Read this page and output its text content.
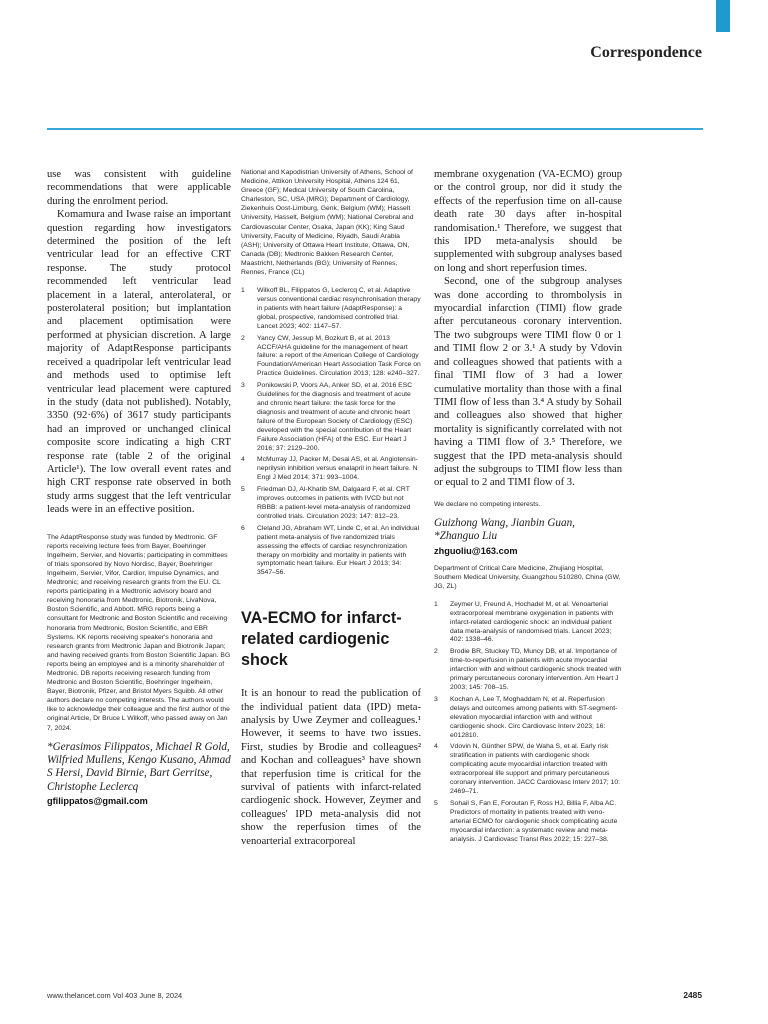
Correspondence

use was consistent with guideline recommendations that were applicable during the enrolment period.

Komamura and Iwase raise an important question regarding how investigators determined the position of the left ventricular lead for an effective CRT response. The study protocol recommended left ventricular lead placement in a lateral, anterolateral, or posterolateral position; but implantation and placement optimisation were performed at physician discretion. A large majority of AdaptResponse participants received a quadripolar left ventricular lead and methods used to optimise left ventricular lead placement were captured in the study (data not published). Notably, 3350 (92·6%) of 3617 study participants had an improved or unchanged clinical composite score indicating a high CRT response rate (table 2 of the original Article¹). The low overall event rates and high CRT response rate observed in both study arms suggest that the left ventricular leads were in an effective position.

The AdaptResponse study was funded by Medtronic. GF reports receiving lecture fees from Bayer, Boehringer Ingelheim, Servier, and Novartis; participating in committees of trials sponsored by Novo Nordisc, Bayer, Boehringer Ingelheim, Servier, Vifor, Cardior, Impulse Dynamics, and Medtronic; and receiving research grants from the EU. CL reports participating in a Medtronic advisory board and receiving honoraria from Medtronic, Biotronik, LivaNova, Boston Scientific, and Abbott. MRG reports being a consultant for Medtronic and Boston Scientific and receiving honoraria from Medtronic, Boston Scientific, and EBR Systems. KK reports receiving speaker's honoraria and research grants from Medtronic Japan and Biotronik Japan; and having received grants from Boston Scientific Japan. BG reports being an employee and is a minority shareholder of Medtronic. DB reports receiving research funding from Medtronic and Boston Scientific, Boehringer Ingelheim, Bayer, Biotronik, Pfizer, and Bristol Myers Squibb. All other authors declare no competing interests. The authors would like to acknowledge their colleague and the first author of the original Article, Dr Bruce L Wilkoff, who passed away on Jan 7, 2024.

*Gerasimos Filippatos, Michael R Gold, Wilfried Mullens, Kengo Kusano, Ahmad S Hersi, David Birnie, Bart Gerritse, Christophe Leclercq

gfilippatos@gmail.com

National and Kapodistrian University of Athens, School of Medicine, Attikon University Hospital, Athens 124 61, Greece (GF); Medical University of South Carolina, Charleston, SC, USA (MRG); Department of Cardiology, Ziekenhuis Oost-Limburg, Genk, Belgium (WM); Hasselt University, Hasselt, Belgium (WM); National Cerebral and Cardiovascular Center, Osaka, Japan (KK); King Saud University, Faculty of Medicine, Riyadh, Saudi Arabia (ASH); University of Ottawa Heart Institute, Ottawa, ON, Canada (DB); Medtronic Bakken Research Center, Maastricht, Netherlands (BG); University of Rennes, Rennes, France (CL)

1	Wilkoff BL, Filippatos G, Leclercq C, et al. Adaptive versus conventional cardiac resynchronisation therapy in patients with heart failure (AdaptResponse): a global, prospective, randomised controlled trial. Lancet 2023; 402: 1147–57.
2	Yancy CW, Jessup M, Bozkurt B, et al. 2013 ACCF/AHA guideline for the management of heart failure: a report of the American College of Cardiology Foundation/American Heart Association Task Force on Practice Guidelines. Circulation 2013; 128: e240–327.
3	Ponikowski P, Voors AA, Anker SD, et al. 2016 ESC Guidelines for the diagnosis and treatment of acute and chronic heart failure: the task force for the diagnosis and treatment of acute and chronic heart failure of the European Society of Cardiology (ESC) developed with the special contribution of the Heart Failure Association (HFA) of the ESC. Eur Heart J 2016; 37: 2129–200.
4	McMurray JJ, Packer M, Desai AS, et al. Angiotensin-neprilysin inhibition versus enalapril in heart failure. N Engl J Med 2014; 371: 993–1004.
5	Friedman DJ, Al-Khatib SM, Dalgaard F, et al. CRT improves outcomes in patients with IVCD but not RBBB: a patient-level meta-analysis of randomized controlled trials. Circulation 2023; 147: 812–23.
6	Cleland JG, Abraham WT, Linde C, et al. An individual patient meta-analysis of five randomized trials assessing the effects of cardiac resynchronization therapy on morbidity and mortality in patients with symptomatic heart failure. Eur Heart J 2013; 34: 3547–56.
VA-ECMO for infarct-related cardiogenic shock

It is an honour to read the publication of the individual patient data (IPD) meta-analysis by Uwe Zeymer and colleagues.¹ However, it seems to have two issues. First, studies by Brodie and colleagues² and Kochan and colleagues³ have shown that reperfusion time is critical for the survival of patients with infarct-related cardiogenic shock. However, Zeymer and colleagues' IPD meta-analysis did not show the reperfusion times of the venoarterial extracorporeal

membrane oxygenation (VA-ECMO) group or the control group, nor did it study the effects of the reperfusion time on all-cause death rate 30 days after in-hospital randomisation.¹ Therefore, we suggest that this IPD meta-analysis should be supplemented with subgroup analyses based on long and short reperfusion times.

Second, one of the subgroup analyses was done according to thrombolysis in myocardial infarction (TIMI) flow grade after percutaneous coronary intervention. The two subgroups were TIMI flow 0 or 1 and TIMI flow 2 or 3.¹ A study by Vdovin and colleagues showed that patients with a final TIMI flow of 3 had a lower cumulative mortality than those with a final TIMI flow of less than 3.⁴ A study by Sohail and colleagues also showed that higher mortality is significantly correlated with not having a TIMI flow of 3.⁵ Therefore, we suggest that the IPD meta-analysis should adjust the subgroups to TIMI flow less than or equal to 2 and TIMI flow of 3.

We declare no competing interests.

Guizhong Wang, Jianbin Guan, *Zhanguo Liu

zhguoliu@163.com

Department of Critical Care Medicine, Zhujiang Hospital, Southern Medical University, Guangzhou 510280, China (GW, JG, ZL)

1	Zeymer U, Freund A, Hochadel M, et al. Venoarterial extracorporeal membrane oxygenation in patients with infarct-related cardiogenic shock: an individual patient data meta-analysis of randomised trials. Lancet 2023; 402: 1338–46.
2	Brodie BR, Stuckey TD, Muncy DB, et al. Importance of time-to-reperfusion in patients with acute myocardial infarction with and without cardiogenic shock treated with primary percutaneous coronary intervention. Am Heart J 2003; 145: 708–15.
3	Kochan A, Lee T, Moghaddam N, et al. Reperfusion delays and outcomes among patients with ST-segment-elevation myocardial infarction with and without cardiogenic shock. Circ Cardiovasc Interv 2023; 16: e012810.
4	Vdovin N, Günther SPW, de Waha S, et al. Early risk stratification in patients with cardiogenic shock complicating acute myocardial infarction treated with extracorporeal life support and primary percutaneous coronary intervention. JACC Cardiovasc Interv 2017; 10: 2469–71.
5	Sohail S, Fan E, Foroutan F, Ross HJ, Billia F, Alba AC. Predictors of mortality in patients treated with veno-arterial ECMO for cardiogenic shock complicating acute myocardial infarction: a systematic review and meta-analysis. J Cardiovasc Transl Res 2022; 15: 227–38.
www.thelancet.com Vol 403 June 8, 2024	2485
